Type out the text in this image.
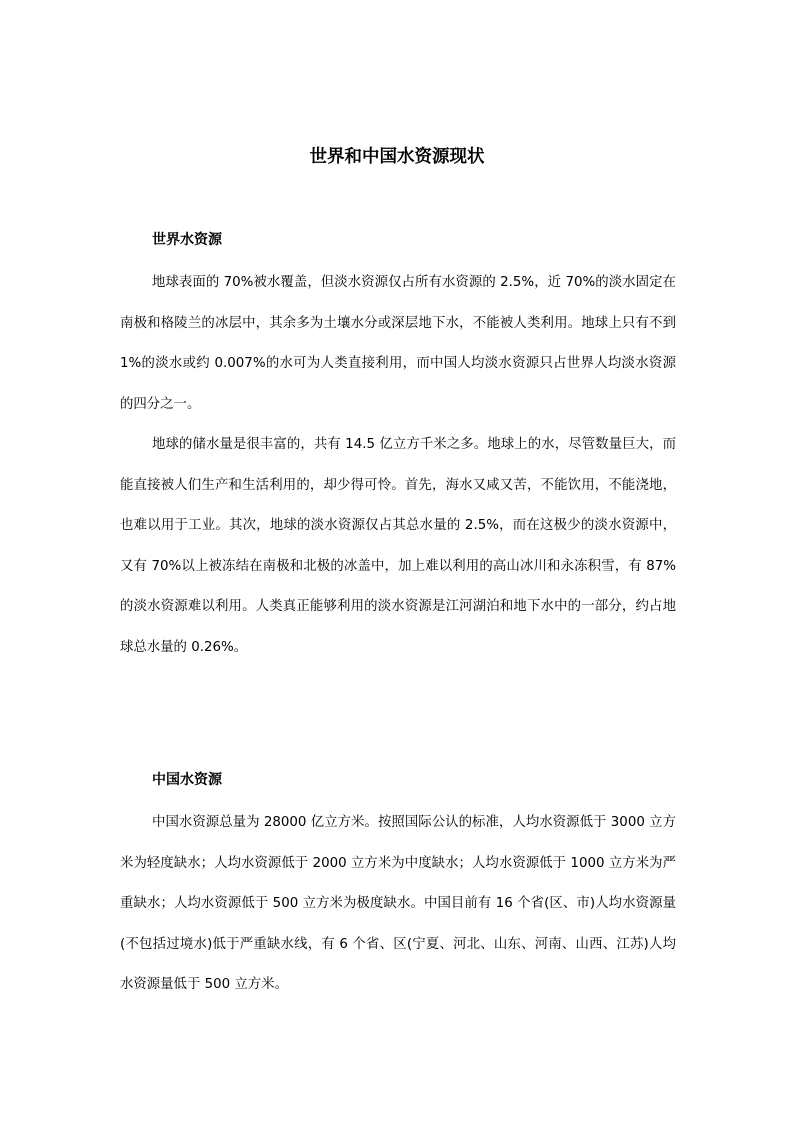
世界和中国水资源现状
世界水资源

地球表面的 70%被水覆盖，但淡水资源仅占所有水资源的 2.5%，近 70%的淡水固定在南极和格陵兰的冰层中，其余多为土壤水分或深层地下水，不能被人类利用。地球上只有不到 1%的淡水或约 0.007%的水可为人类直接利用，而中国人均淡水资源只占世界人均淡水资源的四分之一。

地球的储水量是很丰富的，共有 14.5 亿立方千米之多。地球上的水，尽管数量巨大，而能直接被人们生产和生活利用的，却少得可怜。首先，海水又咸又苦，不能饮用，不能浇地，也难以用于工业。其次，地球的淡水资源仅占其总水量的 2.5%，而在这极少的淡水资源中，又有 70%以上被冻结在南极和北极的冰盖中，加上难以利用的高山冰川和永冻积雪，有 87%的淡水资源难以利用。人类真正能够利用的淡水资源是江河湖泊和地下水中的一部分，约占地球总水量的 0.26%。

中国水资源

中国水资源总量为 28000 亿立方米。按照国际公认的标准，人均水资源低于 3000 立方米为轻度缺水；人均水资源低于 2000 立方米为中度缺水；人均水资源低于 1000 立方米为严重缺水；人均水资源低于 500 立方米为极度缺水。中国目前有 16 个省(区、市)人均水资源量(不包括过境水)低于严重缺水线，有 6 个省、区(宁夏、河北、山东、河南、山西、江苏)人均水资源量低于 500 立方米。
